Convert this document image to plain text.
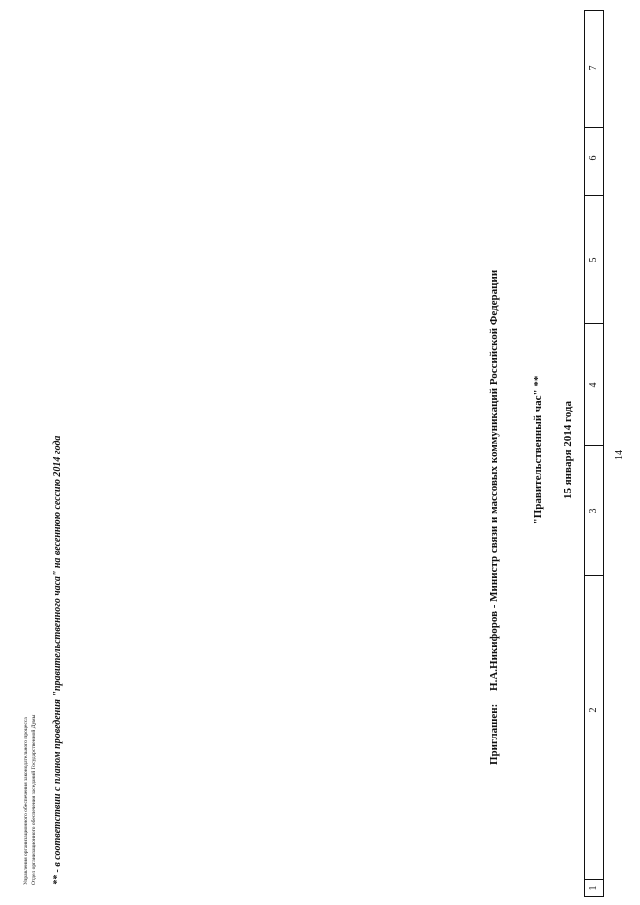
1
2
3
4
5
6
7
14
15 января 2014 года
"Правительственный час" **
Приглашен: Н.А.Никифоров - Министр связи и массовых коммуникаций Российской Федерации
** - в соответствии с планом проведения "правительственного часа" на весеннюю сессию 2014 года
Отдел организационного обеспечения заседаний Государственной Думы
Управления организационного обеспечения законодательного процесса
